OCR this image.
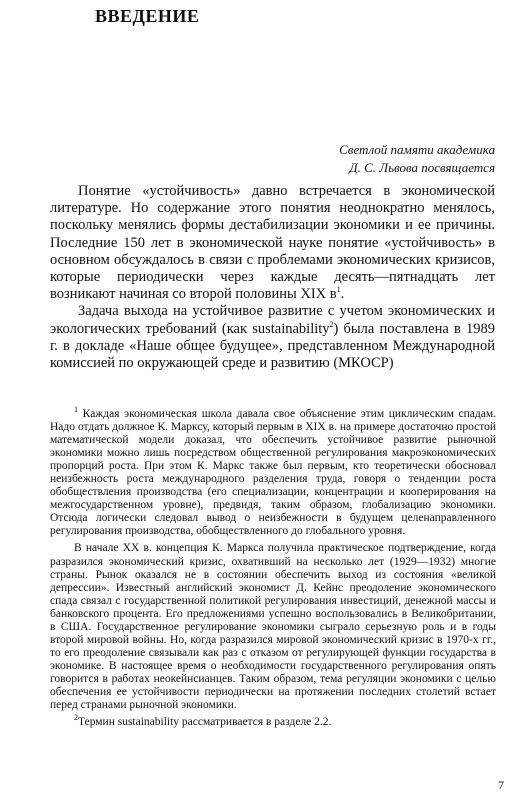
ВВЕДЕНИЕ
Светлой памяти академика
Д. С. Львова посвящается

Понятие «устойчивость» давно встречается в экономической литературе. Но содержание этого понятия неоднократно менялось, поскольку менялись формы дестабилизации экономики и ее причины. Последние 150 лет в экономической науке понятие «устойчивость» в основном обсуждалось в связи с проблемами экономических кризисов, которые периодически через каждые десять—пятнадцать лет возникают начиная со второй половины XIX $в^1$.

Задача выхода на устойчивое развитие с учетом экономических и экологических требований (как sustainability$^2$) была поставлена в 1989 г. в докладе «Наше общее будущее», представленном Международной комиссией по окружающей среде и развитию (МКОСР)

$^1$ Каждая экономическая школа давала свое объяснение этим циклическим спадам. Надо отдать должное К. Марксу, который первым в XIX в. на примере достаточно простой математической модели доказал, что обеспечить устойчивое развитие рыночной экономики можно лишь посредством общественной регулирования макроэкономических пропорций роста. При этом К. Маркс также был первым, кто теоретически обосновал неизбежность роста международного разделения труда, говоря о тенденции роста обобществления производства (его специализации, концентрации и кооперирования на межгосударственном уровне), предвидя, таким образом, глобализацию экономики. Отсюда логически следовал вывод о неизбежности в будущем целенаправленного регулирования производства, обобществленного до глобального уровня.

В начале XX в. концепция К. Маркса получила практическое подтверждение, когда разразился экономический кризис, охвативший на несколько лет (1929—1932) многие страны. Рынок оказался не в состоянии обеспечить выход из состояния «великой депрессии». Известный английский экономист Д. Кейнс преодоление экономического спада связал с государственной политикой регулирования инвестиций, денежной массы и банковского процента. Его предложениями успешно воспользовались в Великобритании, в США. Государственное регулирование экономики сыграло серьезную роль и в годы второй мировой войны. Но, когда разразился мировой экономический кризис в 1970-х гг., то его преодоление связывали как раз с отказом от регулирующей функции государства в экономике. В настоящее время о необходимости государственного регулирования опять говорится в работах неокейнсианцев. Таким образом, тема регуляции экономики с целью обеспечения ее устойчивости периодически на протяжении последних столетий встает перед странами рыночной экономики.

$^2$Термин sustainability рассматривается в разделе 2.2.

7
